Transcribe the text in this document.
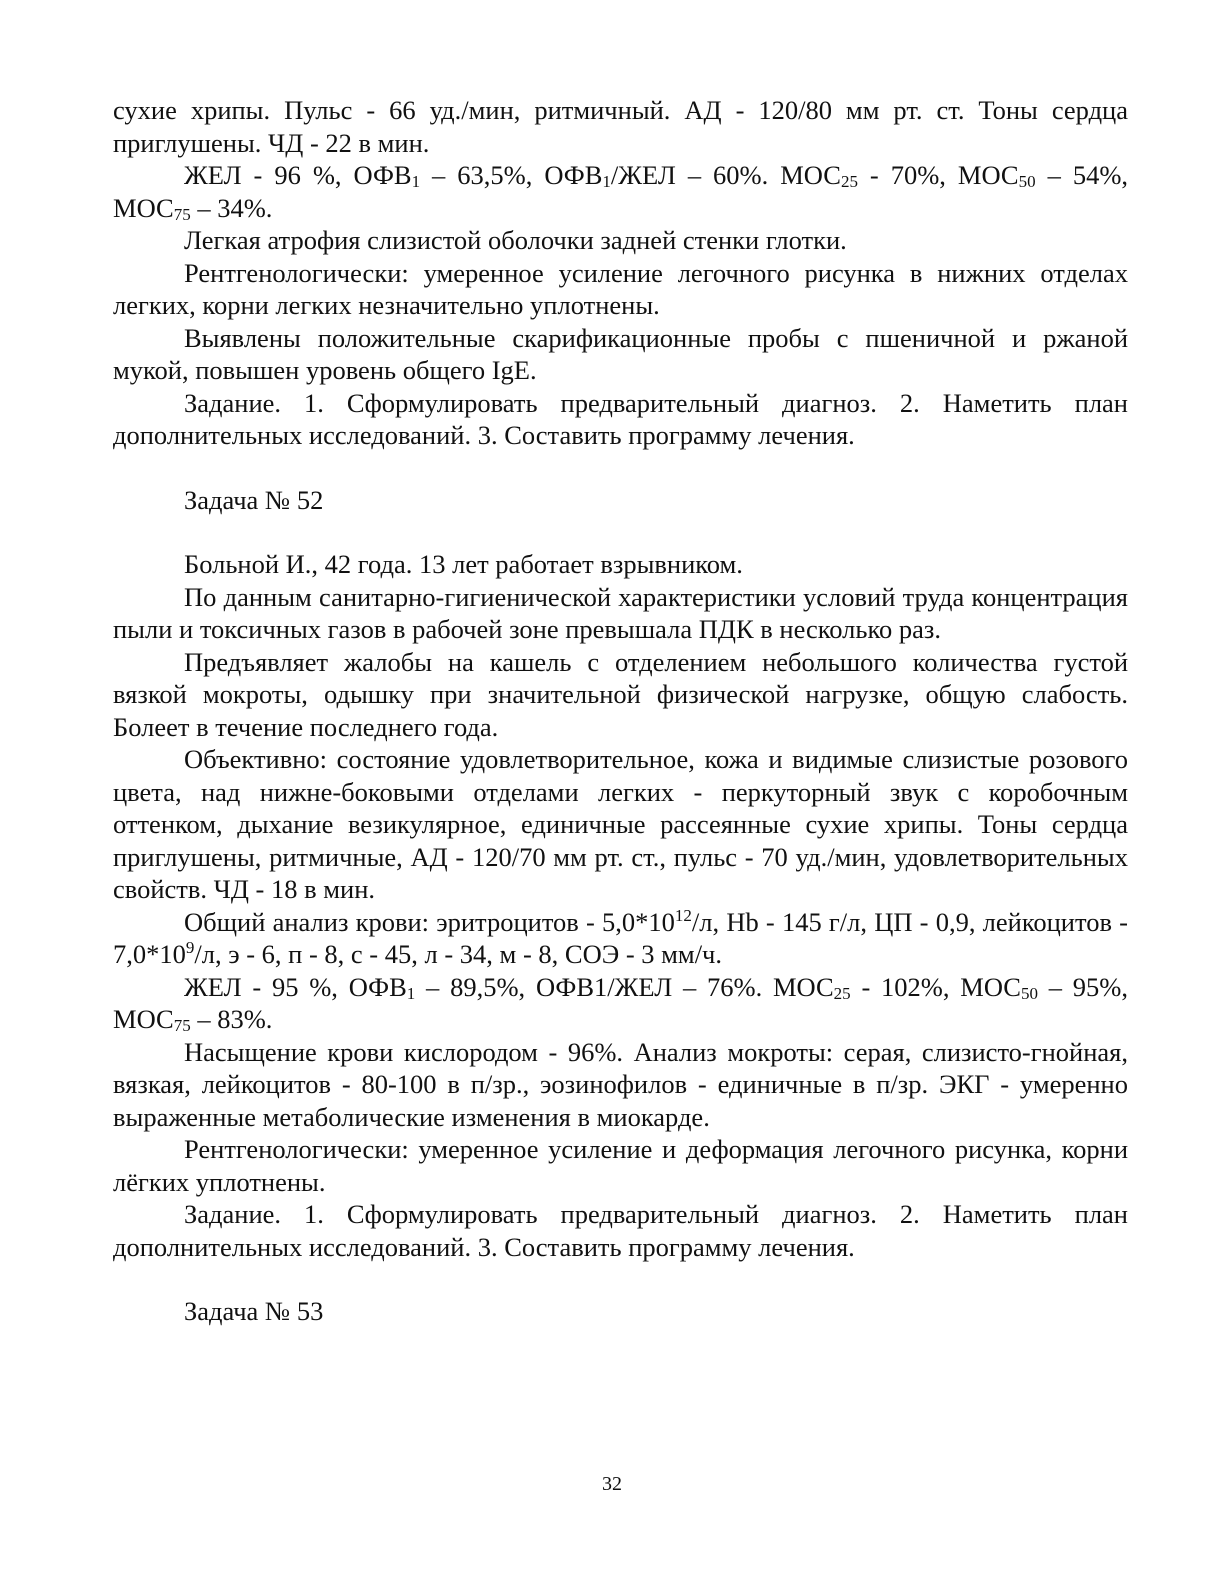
сухие хрипы. Пульс - 66 уд./мин, ритмичный. АД - 120/80 мм рт. ст. Тоны сердца приглушены. ЧД - 22 в мин.

ЖЕЛ - 96 %, $ОФВ_1 - 63,5\%$, $ОФВ_1$/ЖЕЛ – 60%. $МОС_{25} - 70\%$, $МОС_{50} - 54\%$, $МОС_{75} - 34\%$.

Легкая атрофия слизистой оболочки задней стенки глотки.

Рентгенологически: умеренное усиление легочного рисунка в нижних отделах легких, корни легких незначительно уплотнены.

Выявлены положительные скарификационные пробы с пшеничной и ржаной мукой, повышен уровень общего IgE.

Задание. 1. Сформулировать предварительный диагноз. 2. Наметить план дополнительных исследований. 3. Составить программу лечения.

Задача № 52

Больной И., 42 года. 13 лет работает взрывником.

По данным санитарно-гигиенической характеристики условий труда концентрация пыли и токсичных газов в рабочей зоне превышала ПДК в несколько раз.

Предъявляет жалобы на кашель с отделением небольшого количества густой вязкой мокроты, одышку при значительной физической нагрузке, общую слабость. Болеет в течение последнего года.

Объективно: состояние удовлетворительное, кожа и видимые слизистые розового цвета, над нижне-боковыми отделами легких - перкуторный звук с коробочным оттенком, дыхание везикулярное, единичные рассеянные сухие хрипы. Тоны сердца приглушены, ритмичные, АД - 120/70 мм рт. ст., пульс - 70 уд./мин, удовлетворительных свойств. ЧД - 18 в мин.

Общий анализ крови: эритроцитов - $5,0*10^{12}/л$, Hb - 145 г/л, ЦП - 0,9, лейкоцитов - $7,0*10^9/л$, э - 6, п - 8, с - 45, л - 34, м - 8, СОЭ - 3 мм/ч.

ЖЕЛ - 95 %, $ОФВ_1 - 89,5\%$, ОФВ1/ЖЕЛ – 76%. $МОС_{25} - 102\%$, $МОС_{50} - 95\%$, $МОС_{75} - 83\%$.

Насыщение крови кислородом - 96%. Анализ мокроты: серая, слизисто-гнойная, вязкая, лейкоцитов - 80-100 в п/зр., эозинофилов - единичные в п/зр. ЭКГ - умеренно выраженные метаболические изменения в миокарде.

Рентгенологически: умеренное усиление и деформация легочного рисунка, корни лёгких уплотнены.

Задание. 1. Сформулировать предварительный диагноз. 2. Наметить план дополнительных исследований. 3. Составить программу лечения.

Задача № 53

32
